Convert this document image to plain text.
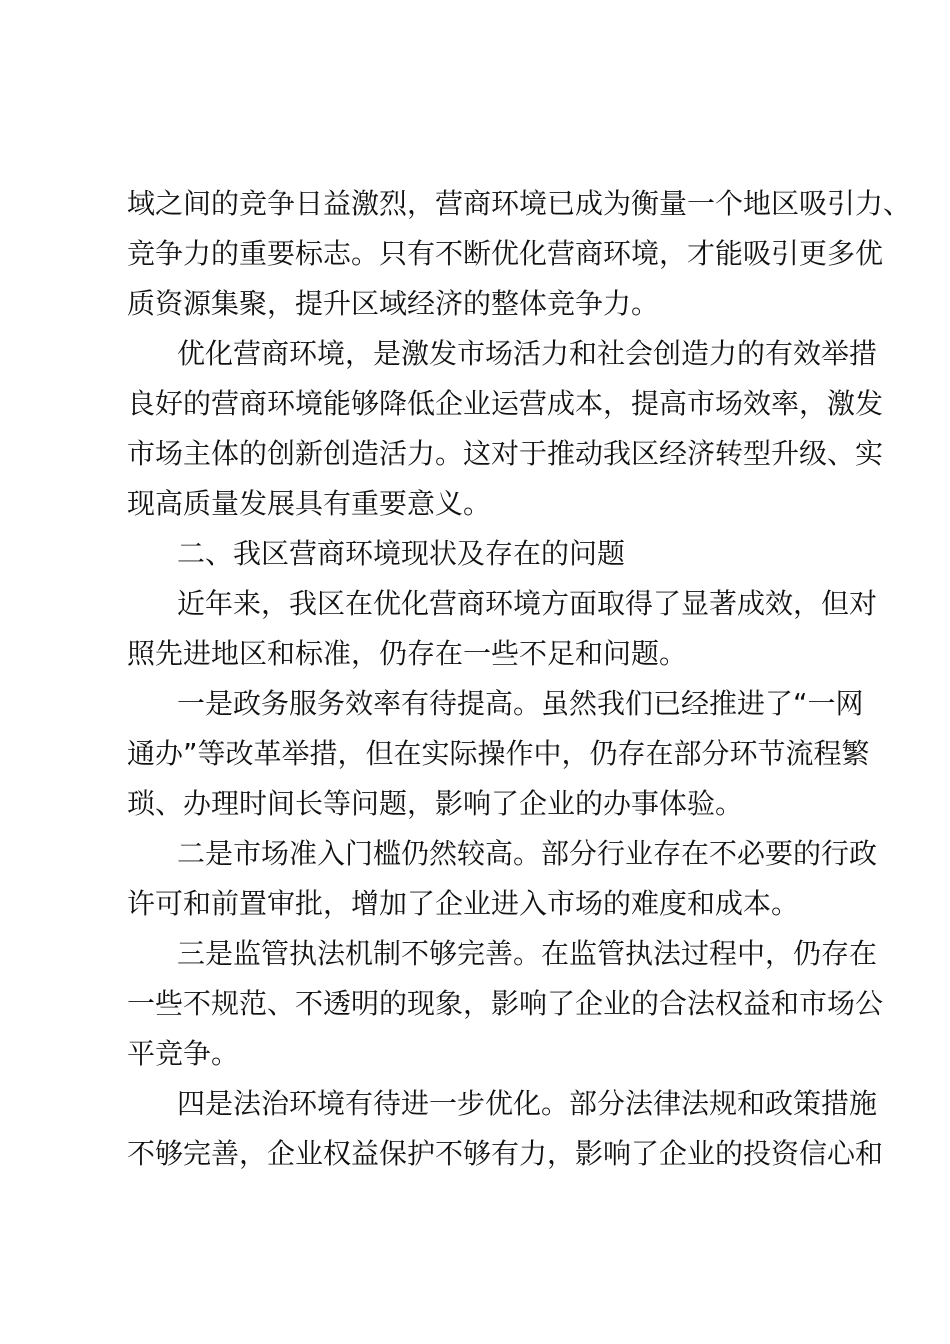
域之间的竞争日益激烈，营商环境已成为衡量一个地区吸引力、
竞争力的重要标志。只有不断优化营商环境，才能吸引更多优
质资源集聚，提升区域经济的整体竞争力。
优化营商环境，是激发市场活力和社会创造力的有效举措
良好的营商环境能够降低企业运营成本，提高市场效率，激发
市场主体的创新创造活力。这对于推动我区经济转型升级、实
现高质量发展具有重要意义。
二、我区营商环境现状及存在的问题
近年来，我区在优化营商环境方面取得了显著成效，但对
照先进地区和标准，仍存在一些不足和问题。
一是政务服务效率有待提高。虽然我们已经推进了“一网
通办”等改革举措，但在实际操作中，仍存在部分环节流程繁
琐、办理时间长等问题，影响了企业的办事体验。
二是市场准入门槛仍然较高。部分行业存在不必要的行政
许可和前置审批，增加了企业进入市场的难度和成本。
三是监管执法机制不够完善。在监管执法过程中，仍存在
一些不规范、不透明的现象，影响了企业的合法权益和市场公
平竞争。
四是法治环境有待进一步优化。部分法律法规和政策措施
不够完善，企业权益保护不够有力，影响了企业的投资信心和
